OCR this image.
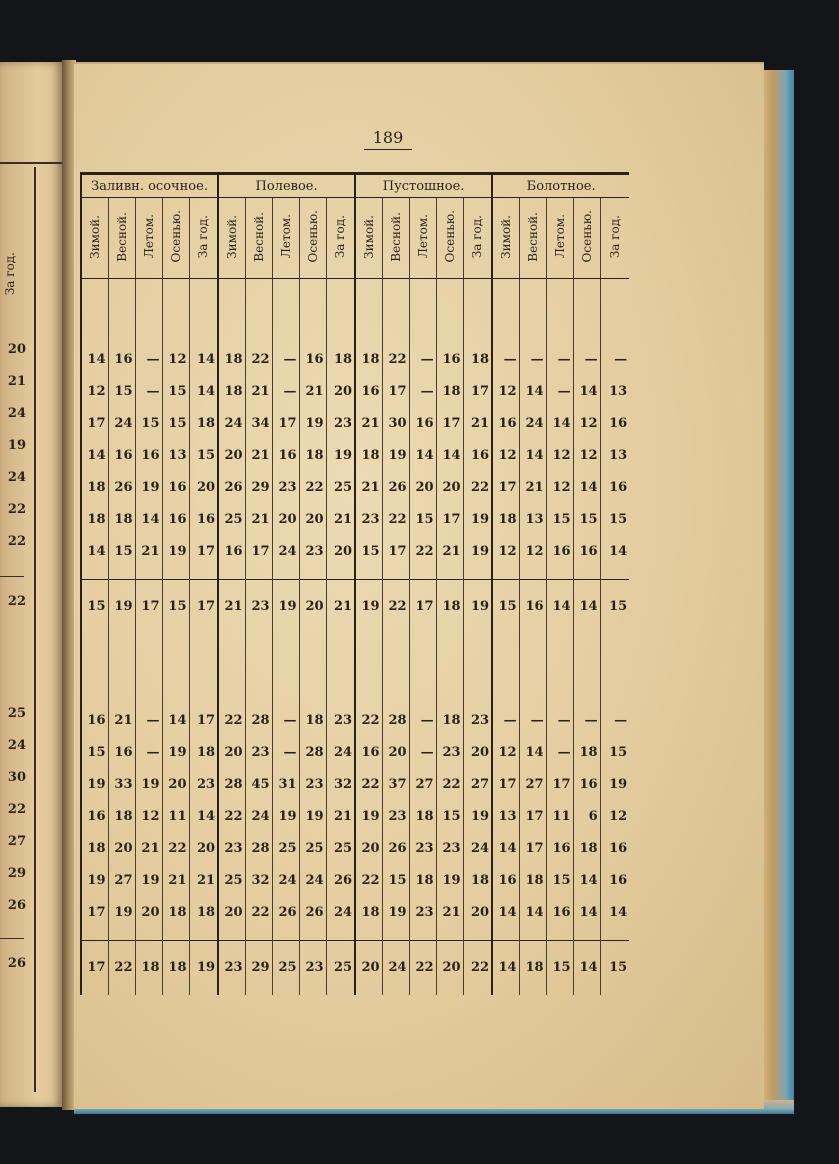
За год.
20
21
24
19
24
22
22
22
25
24
30
22
27
29
26
26
189
Заливн. осочное.					Полевое.					Пустошное.					Болотное.				
Зимой.	Весной.	Летом.	Осенью.	За год.	Зимой.	Весной.	Летом.	Осенью.	За год.	Зимой.	Весной.	Летом.	Осенью.	За год.	Зимой.	Весной.	Летом.	Осенью.	За год.

14	16	—	12	14	18	22	—	16	18	18	22	—	16	18	—	—	—	—	—
12	15	—	15	14	18	21	—	21	20	16	17	—	18	17	12	14	—	14	13
17	24	15	15	18	24	34	17	19	23	21	30	16	17	21	16	24	14	12	16
14	16	16	13	15	20	21	16	18	19	18	19	14	14	16	12	14	12	12	13
18	26	19	16	20	26	29	23	22	25	21	26	20	20	22	17	21	12	14	16
18	18	14	16	16	25	21	20	20	21	23	22	15	17	19	18	13	15	15	15
14	15	21	19	17	16	17	24	23	20	15	17	22	21	19	12	12	16	16	14

15	19	17	15	17	21	23	19	20	21	19	22	17	18	19	15	16	14	14	15

16	21	—	14	17	22	28	—	18	23	22	28	—	18	23	—	—	—	—	—
15	16	—	19	18	20	23	—	28	24	16	20	—	23	20	12	14	—	18	15
19	33	19	20	23	28	45	31	23	32	22	37	27	22	27	17	27	17	16	19
16	18	12	11	14	22	24	19	19	21	19	23	18	15	19	13	17	11	6	12
18	20	21	22	20	23	28	25	25	25	20	26	23	23	24	14	17	16	18	16
19	27	19	21	21	25	32	24	24	26	22	15	18	19	18	16	18	15	14	16
17	19	20	18	18	20	22	26	26	24	18	19	23	21	20	14	14	16	14	14

17	22	18	18	19	23	29	25	23	25	20	24	22	20	22	14	18	15	14	15
